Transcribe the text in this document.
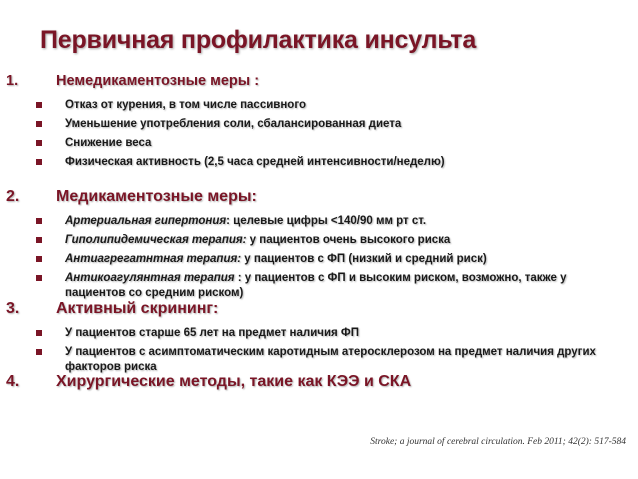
Первичная профилактика инсульта
1.	Немедикаментозные меры :
Отказ от курения, в том числе пассивного
Уменьшение употребления соли, сбалансированная диета
Снижение веса
Физическая активность (2,5 часа средней интенсивности/неделю)
2. Медикаментозные меры:
Артериальная гипертония: целевые цифры <140/90 мм рт ст.
Гиполипидемическая терапия: у пациентов очень высокого риска
Антиагрегатнтная терапия: у пациентов с ФП (низкий и средний риск)
Антикоагулянтная терапия : у пациентов с ФП и высоким риском, возможно, также у пациентов со средним риском)
3. Активный скрининг:
У пациентов старше 65 лет на предмет наличия ФП
У пациентов с асимптоматическим каротидным атеросклерозом на предмет наличия других факторов риска
4. Хирургические методы, такие как КЭЭ и СКА
Stroke; a journal of cerebral circulation. Feb 2011; 42(2): 517-584
